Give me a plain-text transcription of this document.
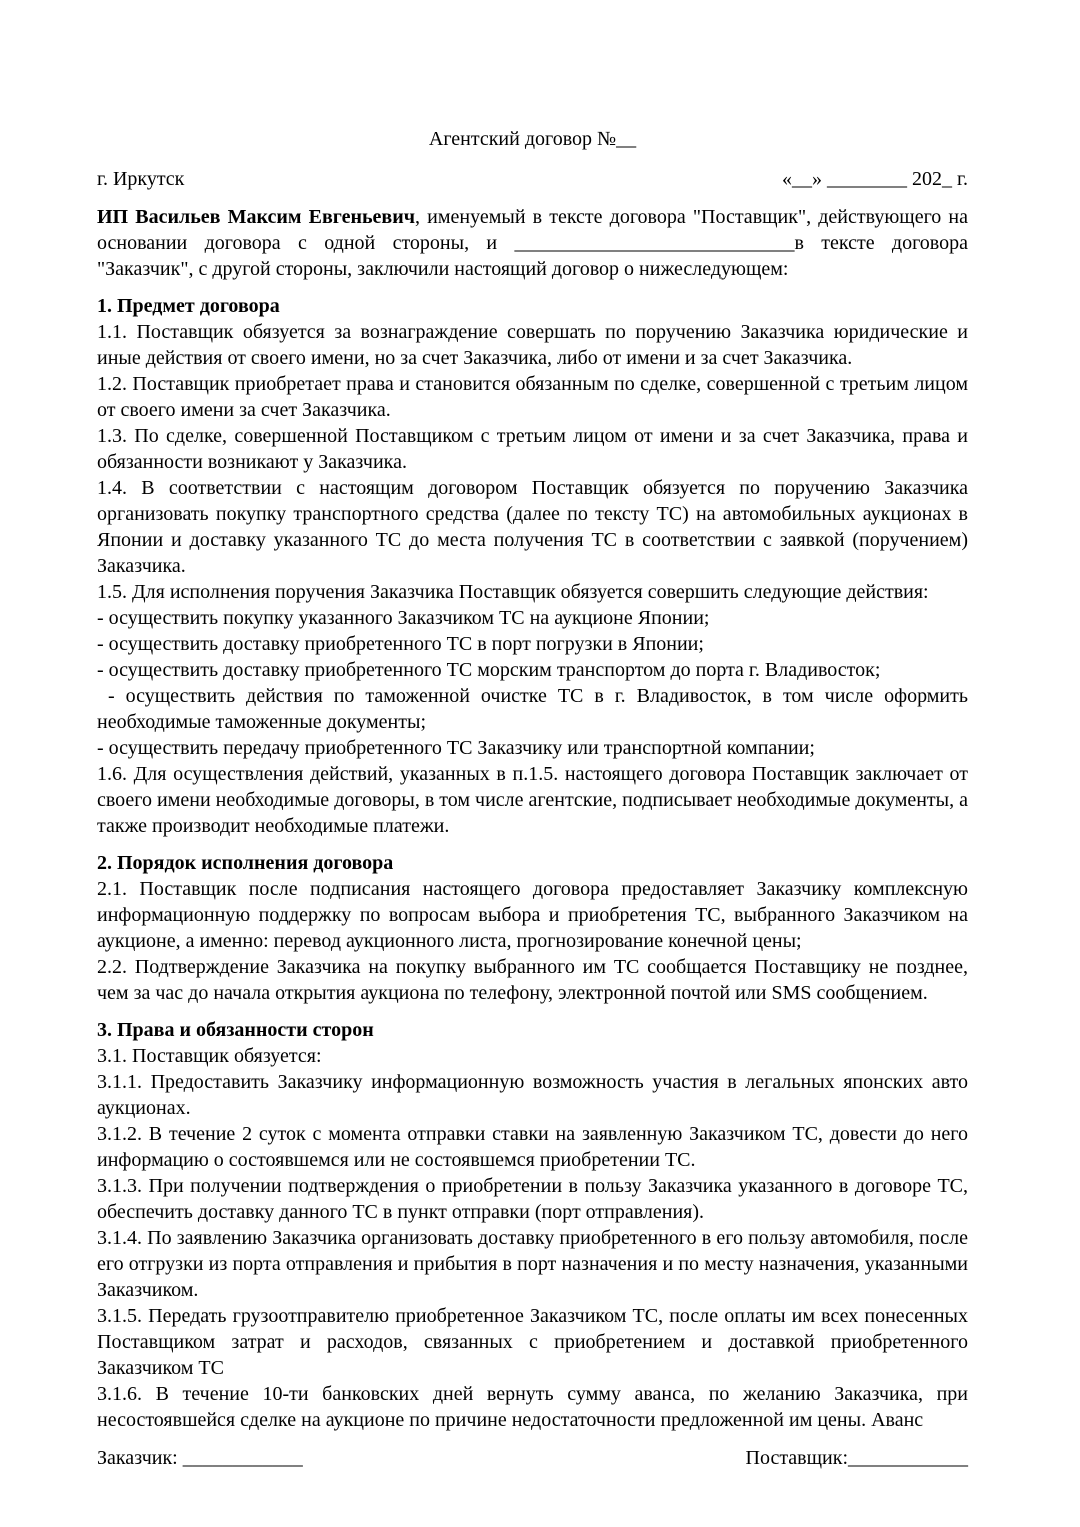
Агентский договор №__
г. Иркутск	«__» ________ 202_ г.

ИП Васильев Максим Евгеньевич, именуемый в тексте договора "Поставщик", действующего на основании договора с одной стороны, и ____________________________в тексте договора "Заказчик", с другой стороны, заключили настоящий договор о нижеследующем:

1. Предмет договора

1.1. Поставщик обязуется за вознаграждение совершать по поручению Заказчика юридические и иные действия от своего имени, но за счет Заказчика, либо от имени и за счет Заказчика.

1.2. Поставщик приобретает права и становится обязанным по сделке, совершенной с третьим лицом от своего имени за счет Заказчика.

1.3. По сделке, совершенной Поставщиком с третьим лицом от имени и за счет Заказчика, права и обязанности возникают у Заказчика.

1.4. В соответствии с настоящим договором Поставщик обязуется по поручению Заказчика организовать покупку транспортного средства (далее по тексту ТС) на автомобильных аукционах в Японии и доставку указанного ТС до места получения ТС в соответствии с заявкой (поручением) Заказчика.

1.5. Для исполнения поручения Заказчика Поставщик обязуется совершить следующие действия:

- осуществить покупку указанного Заказчиком ТС на аукционе Японии;

- осуществить доставку приобретенного ТС в порт погрузки в Японии;

- осуществить доставку приобретенного ТС морским транспортом до порта г. Владивосток;

- осуществить действия по таможенной очистке ТС в г. Владивосток, в том числе оформить необходимые таможенные документы;

- осуществить передачу приобретенного ТС Заказчику или транспортной компании;

1.6. Для осуществления действий, указанных в п.1.5. настоящего договора Поставщик заключает от своего имени необходимые договоры, в том числе агентские, подписывает необходимые документы, а также производит необходимые платежи.

2. Порядок исполнения договора

2.1. Поставщик после подписания настоящего договора предоставляет Заказчику комплексную информационную поддержку по вопросам выбора и приобретения ТС, выбранного Заказчиком на аукционе, а именно: перевод аукционного листа, прогнозирование конечной цены;

2.2. Подтверждение Заказчика на покупку выбранного им ТС сообщается Поставщику не позднее, чем за час до начала открытия аукциона по телефону, электронной почтой или SMS сообщением.

3. Права и обязанности сторон

3.1. Поставщик обязуется:

3.1.1. Предоставить Заказчику информационную возможность участия в легальных японских авто аукционах.

3.1.2. В течение 2 суток с момента отправки ставки на заявленную Заказчиком ТС, довести до него информацию о состоявшемся или не состоявшемся приобретении ТС.

3.1.3. При получении подтверждения о приобретении в пользу Заказчика указанного в договоре ТС, обеспечить доставку данного ТС в пункт отправки (порт отправления).

3.1.4. По заявлению Заказчика организовать доставку приобретенного в его пользу автомобиля, после его отгрузки из порта отправления и прибытия в порт назначения и по месту назначения, указанными Заказчиком.

3.1.5. Передать грузоотправителю приобретенное Заказчиком ТС, после оплаты им всех понесенных Поставщиком затрат и расходов, связанных с приобретением и доставкой приобретенного Заказчиком ТС

3.1.6. В течение 10-ти банковских дней вернуть сумму аванса, по желанию Заказчика, при несостоявшейся сделке на аукционе по причине недостаточности предложенной им цены. Аванс

Заказчик: ____________	Поставщик:____________
